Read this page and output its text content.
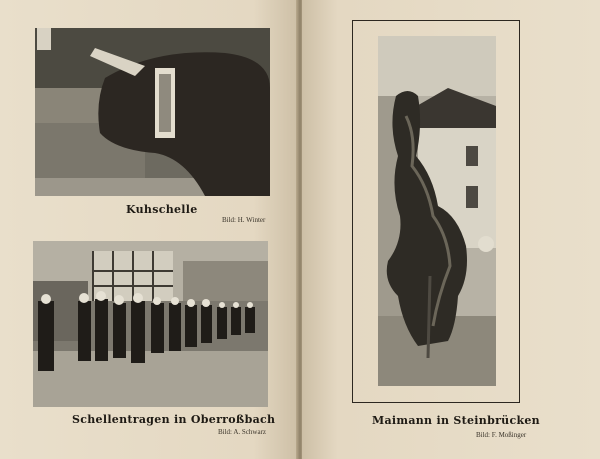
Kuhschelle

Bild: H. Winter

Schellentragen in Oberroßbach

Bild: A. Schwarz

Maimann in Steinbrücken

Bild: F. Moßinger
